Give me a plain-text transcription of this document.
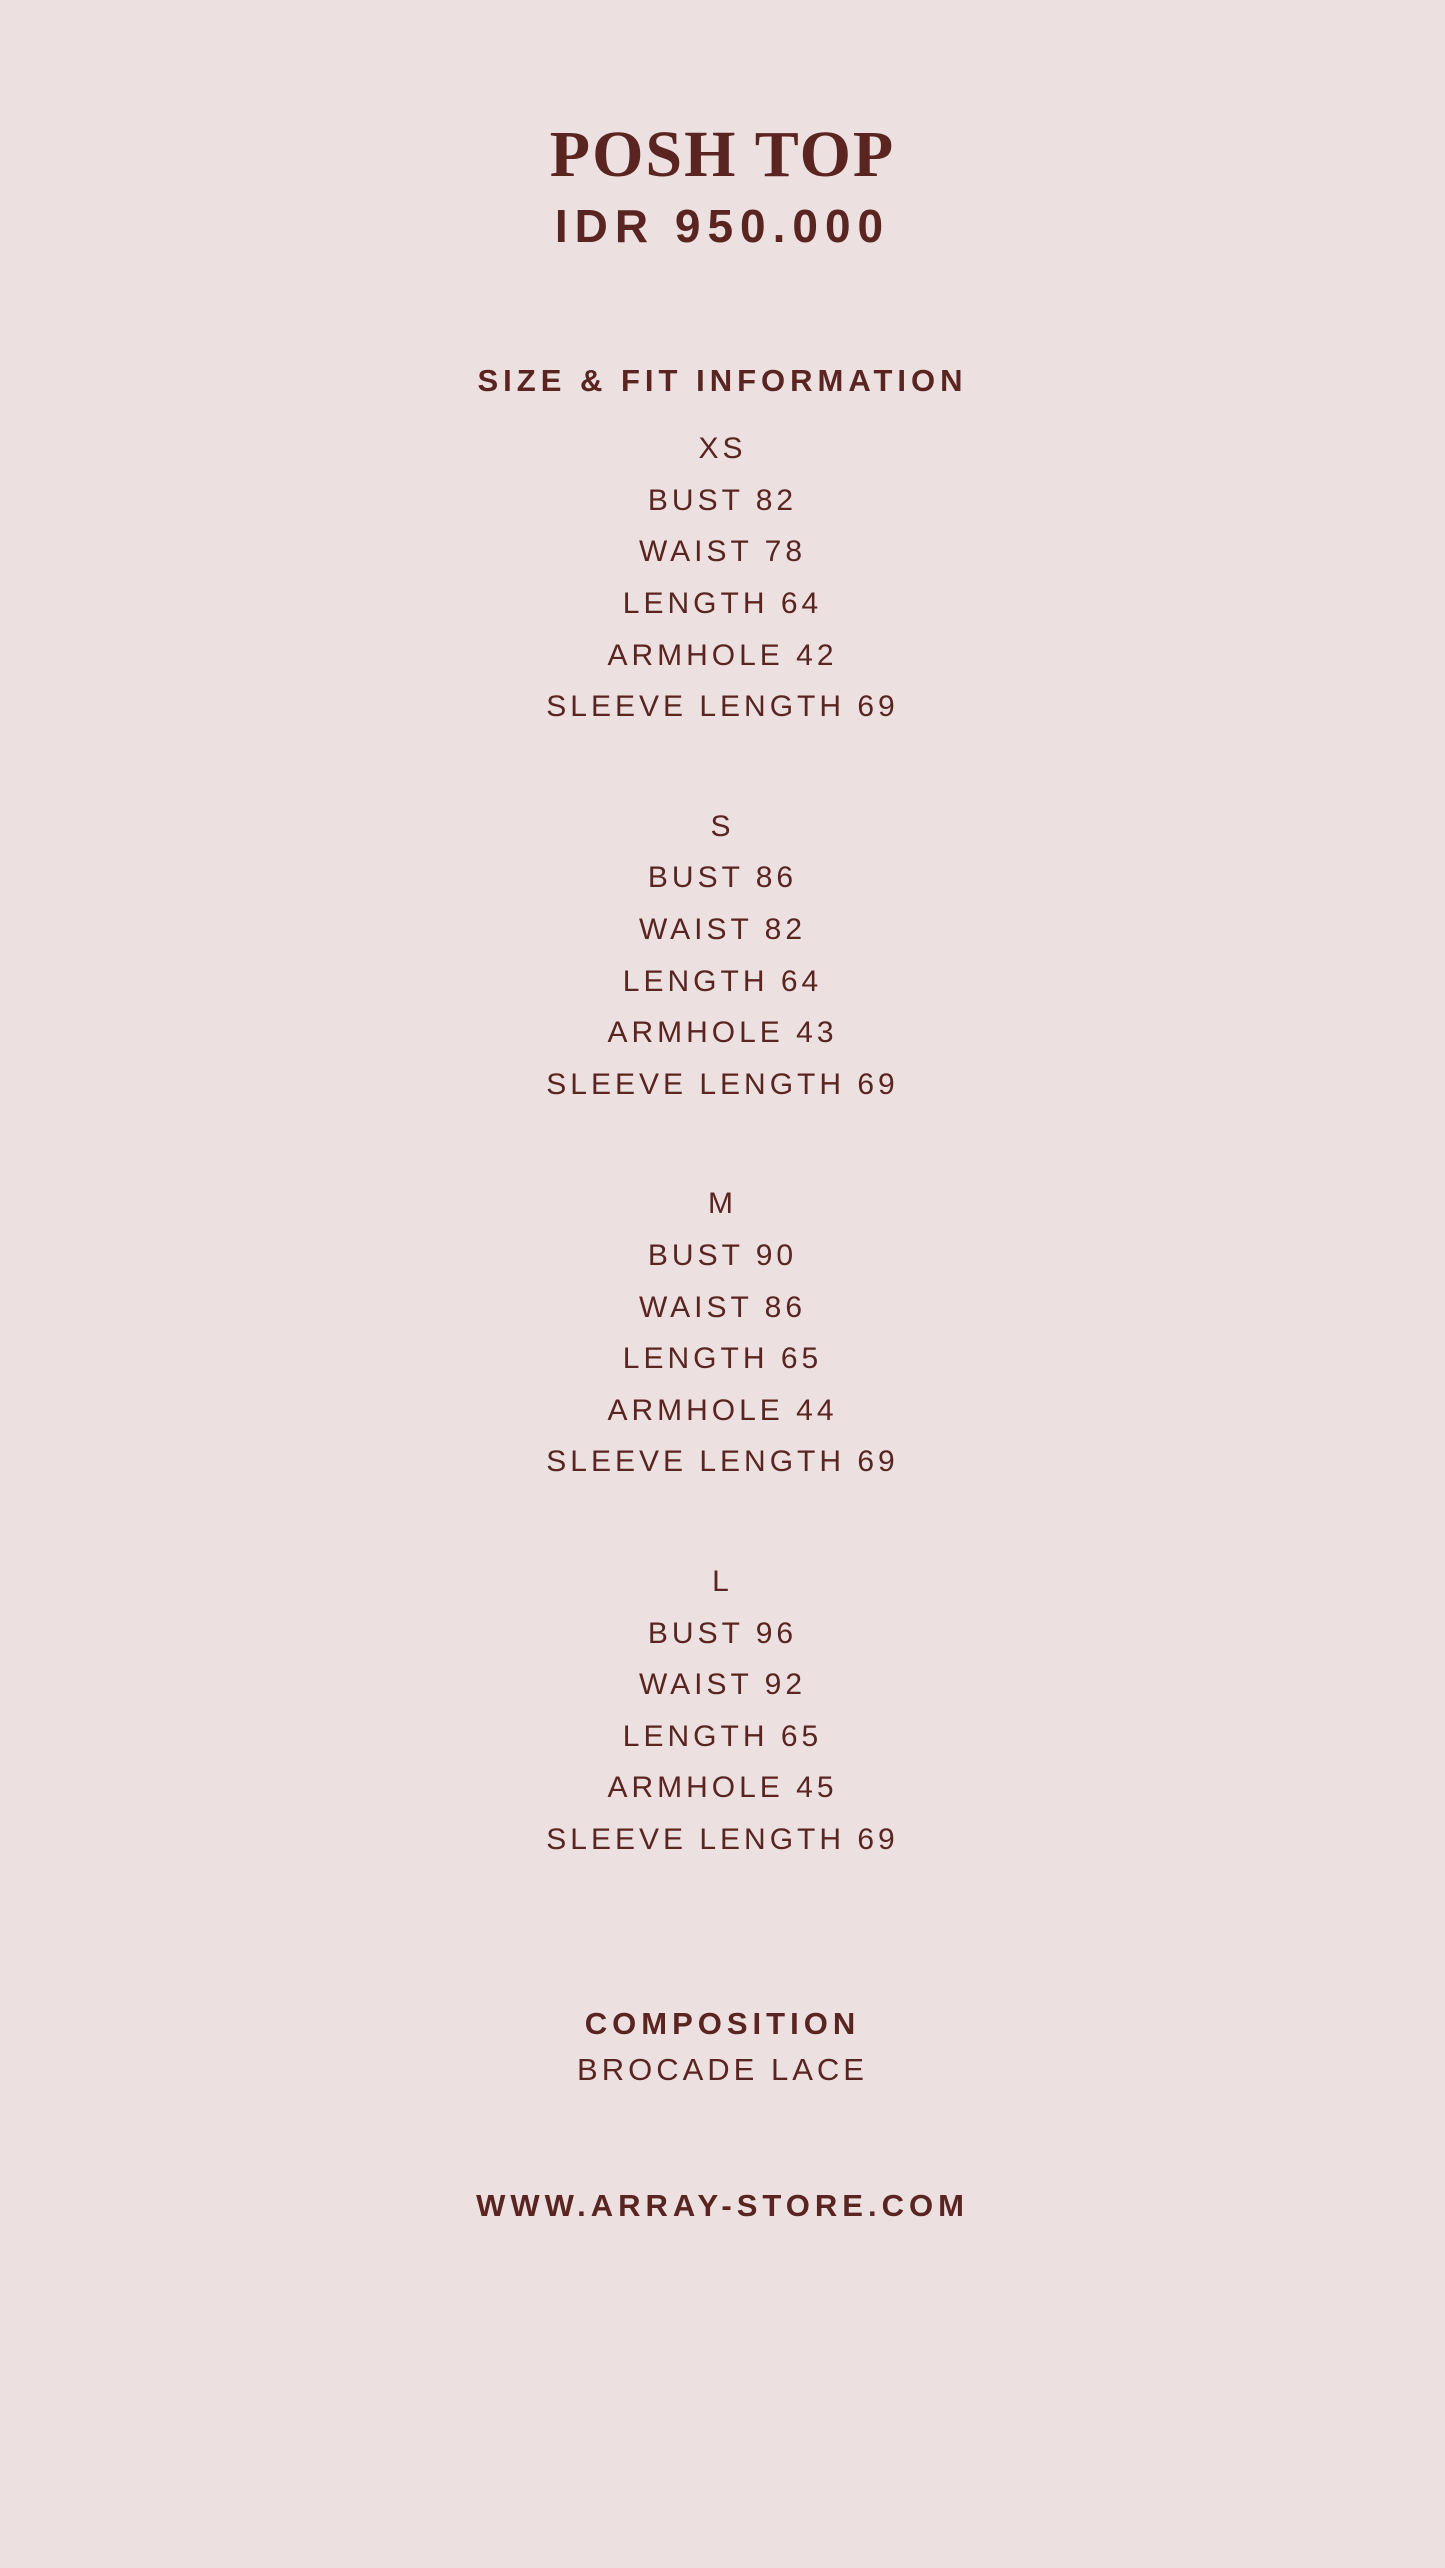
POSH TOP
IDR 950.000
SIZE & FIT INFORMATION
XS
BUST 82
WAIST 78
LENGTH 64
ARMHOLE 42
SLEEVE LENGTH 69
S
BUST 86
WAIST 82
LENGTH 64
ARMHOLE 43
SLEEVE LENGTH 69
M
BUST 90
WAIST 86
LENGTH 65
ARMHOLE 44
SLEEVE LENGTH 69
L
BUST 96
WAIST 92
LENGTH 65
ARMHOLE 45
SLEEVE LENGTH 69
COMPOSITION
BROCADE LACE
WWW.ARRAY-STORE.COM
